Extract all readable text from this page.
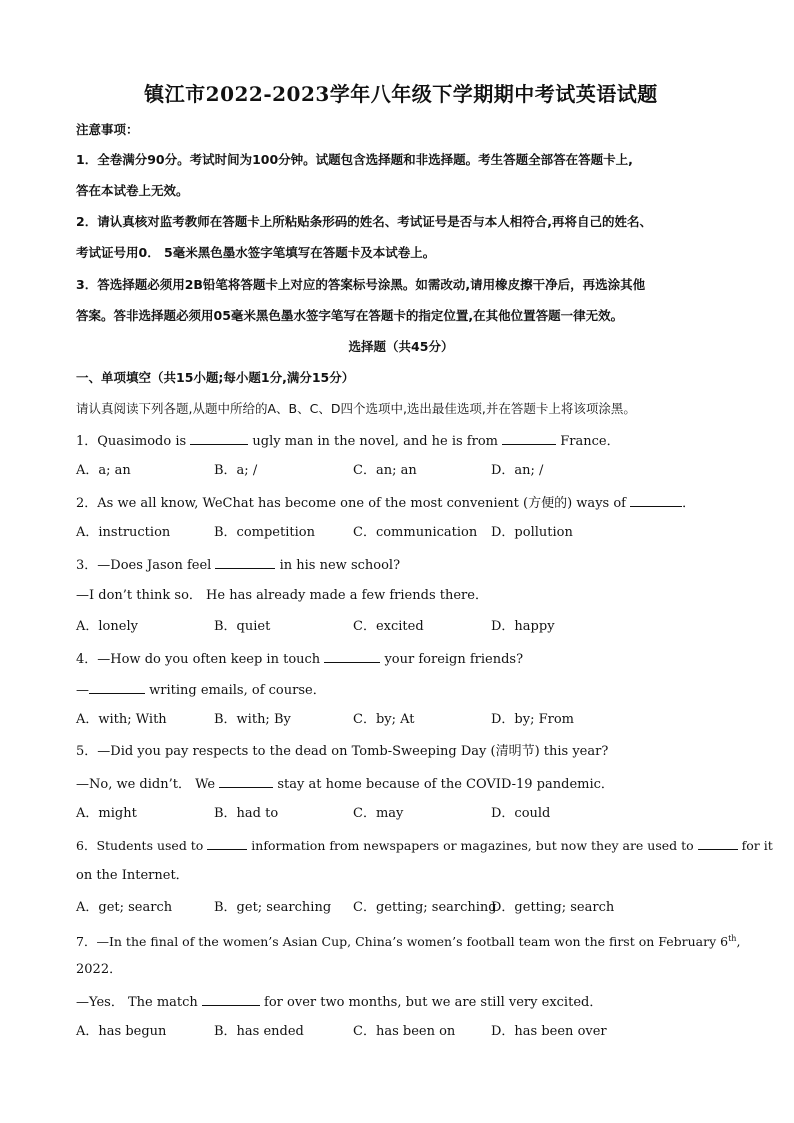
镇江市2022-2023学年八年级下学期期中考试英语试题
注意事项：
1．全卷满分90分。考试时间为100分钟。试题包含选择题和非选择题。考生答题全部答在答题卡上,
答在本试卷上无效。
2．请认真核对监考教师在答题卡上所粘贴条形码的姓名、考试证号是否与本人相符合,再将自己的姓名、
考试证号用0． 5毫米黑色墨水签字笔填写在答题卡及本试卷上。
3．答选择题必须用2B铅笔将答题卡上对应的答案标号涂黑。如需改动,请用橡皮擦干净后，再选涂其他
答案。答非选择题必须用05毫米黑色墨水签字笔写在答题卡的指定位置,在其他位置答题一律无效。
选择题（共45分）
一、单项填空（共15小题;每小题1分,满分15分）
请认真阅读下列各题,从题中所给的A、B、C、D四个选项中,选出最佳选项,并在答题卡上将该项涂黑。
1．Quasimodo is	ugly man in the novel, and he is from	France．
A．a; an	B．a; /	C．an; an	D．an; /
2．As we all know, WeChat has become one of the most convenient (方便的) ways of	．
A．instruction	B．competition	C．communication D．pollution
3．—Does Jason feel	in his new school?
—I don’t think so． He has already made a few friends there．
A．lonely	B．quiet	C．excited	D．happy
4．—How do you often keep in touch	your foreign friends?
—	writing emails, of course．
A．with; With	B．with; By	C．by; At	D．by; From
5．—Did you pay respects to the dead on Tomb-Sweeping Day (清明节) this year?
—No, we didn’t． We	stay at home because of the COVID-19 pandemic．
A．might	B．had to	C．may	D．could
6．Students used to	information from newspapers or magazines, but now they are used to	for it
on the Internet．
A．get; search	B．get; searching C．getting; searching
D．getting; search
7．—In the final of the women’s Asian Cup, China’s women’s football team won the first on February 6th,
2022．
—Yes． The match	for over two months, but we are still very excited．
A．has begun	B．has ended	C．has been on	D．has been over
